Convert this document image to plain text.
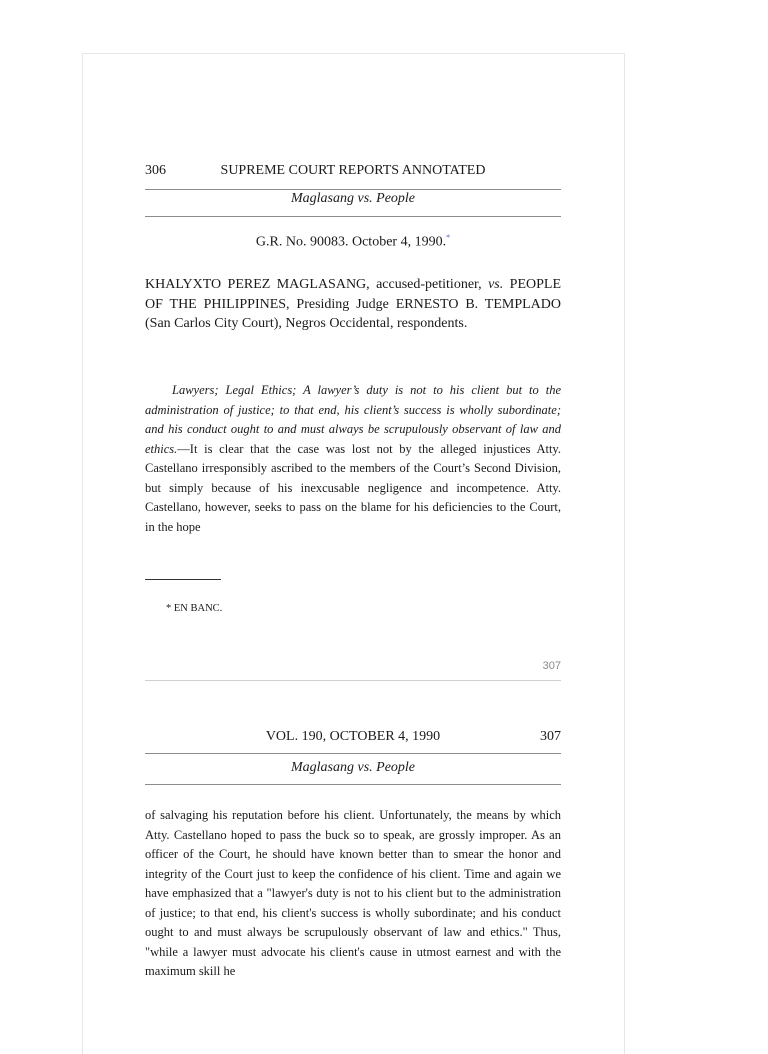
306	SUPREME COURT REPORTS ANNOTATED
Maglasang vs. People
G.R. No. 90083. October 4, 1990.*
KHALYXTO PEREZ MAGLASANG, accused-petitioner, vs. PEOPLE OF THE PHILIPPINES, Presiding Judge ERNESTO B. TEMPLADO (San Carlos City Court), Negros Occidental, respondents.
Lawyers; Legal Ethics; A lawyer’s duty is not to his client but to the administration of justice; to that end, his client’s success is wholly subordinate; and his conduct ought to and must always be scrupulously observant of law and ethics.—It is clear that the case was lost not by the alleged injustices Atty. Castellano irresponsibly ascribed to the members of the Court’s Second Division, but simply because of his inexcusable negligence and incompetence. Atty. Castellano, however, seeks to pass on the blame for his deficiencies to the Court, in the hope
* EN BANC.
307
VOL. 190, OCTOBER 4, 1990	307
Maglasang vs. People
of salvaging his reputation before his client. Unfortunately, the means by which Atty. Castellano hoped to pass the buck so to speak, are grossly improper. As an officer of the Court, he should have known better than to smear the honor and integrity of the Court just to keep the confidence of his client. Time and again we have emphasized that a "lawyer's duty is not to his client but to the administration of justice; to that end, his client's success is wholly subordinate; and his conduct ought to and must always be scrupulously observant of law and ethics." Thus, "while a lawyer must advocate his client's cause in utmost earnest and with the maximum skill he
